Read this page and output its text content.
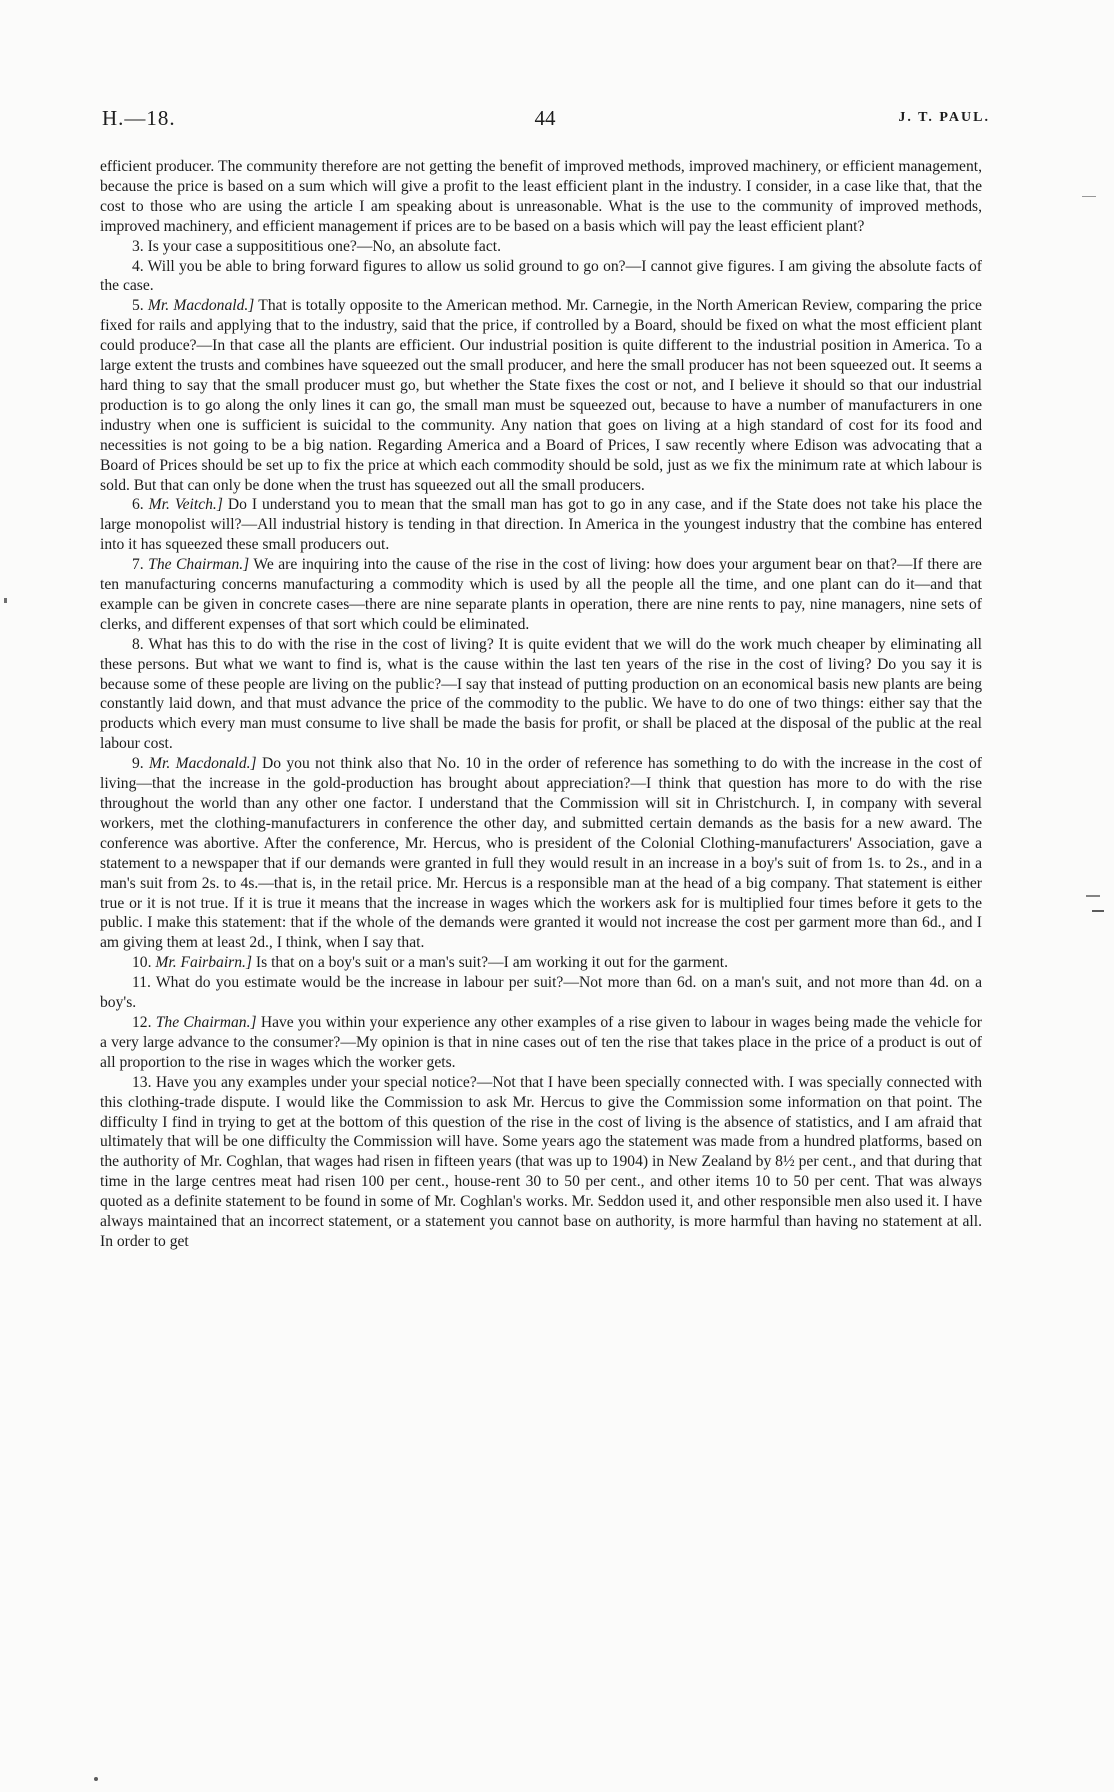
H.—18.	44	J. T. PAUL.

efficient producer. The community therefore are not getting the benefit of improved methods, improved machinery, or efficient management, because the price is based on a sum which will give a profit to the least efficient plant in the industry. I consider, in a case like that, that the cost to those who are using the article I am speaking about is unreasonable. What is the use to the community of improved methods, improved machinery, and efficient management if prices are to be based on a basis which will pay the least efficient plant?

3. Is your case a supposititious one?—No, an absolute fact.

4. Will you be able to bring forward figures to allow us solid ground to go on?—I cannot give figures. I am giving the absolute facts of the case.

5. Mr. Macdonald.] That is totally opposite to the American method. Mr. Carnegie, in the North American Review, comparing the price fixed for rails and applying that to the industry, said that the price, if controlled by a Board, should be fixed on what the most efficient plant could produce?—In that case all the plants are efficient. Our industrial position is quite different to the industrial position in America. To a large extent the trusts and combines have squeezed out the small producer, and here the small producer has not been squeezed out. It seems a hard thing to say that the small producer must go, but whether the State fixes the cost or not, and I believe it should so that our industrial production is to go along the only lines it can go, the small man must be squeezed out, because to have a number of manufacturers in one industry when one is sufficient is suicidal to the community. Any nation that goes on living at a high standard of cost for its food and necessities is not going to be a big nation. Regarding America and a Board of Prices, I saw recently where Edison was advocating that a Board of Prices should be set up to fix the price at which each commodity should be sold, just as we fix the minimum rate at which labour is sold. But that can only be done when the trust has squeezed out all the small producers.

6. Mr. Veitch.] Do I understand you to mean that the small man has got to go in any case, and if the State does not take his place the large monopolist will?—All industrial history is tending in that direction. In America in the youngest industry that the combine has entered into it has squeezed these small producers out.

7. The Chairman.] We are inquiring into the cause of the rise in the cost of living: how does your argument bear on that?—If there are ten manufacturing concerns manufacturing a commodity which is used by all the people all the time, and one plant can do it—and that example can be given in concrete cases—there are nine separate plants in operation, there are nine rents to pay, nine managers, nine sets of clerks, and different expenses of that sort which could be eliminated.

8. What has this to do with the rise in the cost of living? It is quite evident that we will do the work much cheaper by eliminating all these persons. But what we want to find is, what is the cause within the last ten years of the rise in the cost of living? Do you say it is because some of these people are living on the public?—I say that instead of putting production on an economical basis new plants are being constantly laid down, and that must advance the price of the commodity to the public. We have to do one of two things: either say that the products which every man must consume to live shall be made the basis for profit, or shall be placed at the disposal of the public at the real labour cost.

9. Mr. Macdonald.] Do you not think also that No. 10 in the order of reference has something to do with the increase in the cost of living—that the increase in the gold-production has brought about appreciation?—I think that question has more to do with the rise throughout the world than any other one factor. I understand that the Commission will sit in Christchurch. I, in company with several workers, met the clothing-manufacturers in conference the other day, and submitted certain demands as the basis for a new award. The conference was abortive. After the conference, Mr. Hercus, who is president of the Colonial Clothing-manufacturers' Association, gave a statement to a newspaper that if our demands were granted in full they would result in an increase in a boy's suit of from 1s. to 2s., and in a man's suit from 2s. to 4s.—that is, in the retail price. Mr. Hercus is a responsible man at the head of a big company. That statement is either true or it is not true. If it is true it means that the increase in wages which the workers ask for is multiplied four times before it gets to the public. I make this statement: that if the whole of the demands were granted it would not increase the cost per garment more than 6d., and I am giving them at least 2d., I think, when I say that.

10. Mr. Fairbairn.] Is that on a boy's suit or a man's suit?—I am working it out for the garment.

11. What do you estimate would be the increase in labour per suit?—Not more than 6d. on a man's suit, and not more than 4d. on a boy's.

12. The Chairman.] Have you within your experience any other examples of a rise given to labour in wages being made the vehicle for a very large advance to the consumer?—My opinion is that in nine cases out of ten the rise that takes place in the price of a product is out of all proportion to the rise in wages which the worker gets.

13. Have you any examples under your special notice?—Not that I have been specially connected with. I was specially connected with this clothing-trade dispute. I would like the Commission to ask Mr. Hercus to give the Commission some information on that point. The difficulty I find in trying to get at the bottom of this question of the rise in the cost of living is the absence of statistics, and I am afraid that ultimately that will be one difficulty the Commission will have. Some years ago the statement was made from a hundred platforms, based on the authority of Mr. Coghlan, that wages had risen in fifteen years (that was up to 1904) in New Zealand by 8½ per cent., and that during that time in the large centres meat had risen 100 per cent., house-rent 30 to 50 per cent., and other items 10 to 50 per cent. That was always quoted as a definite statement to be found in some of Mr. Coghlan's works. Mr. Seddon used it, and other responsible men also used it. I have always maintained that an incorrect statement, or a statement you cannot base on authority, is more harmful than having no statement at all. In order to get
